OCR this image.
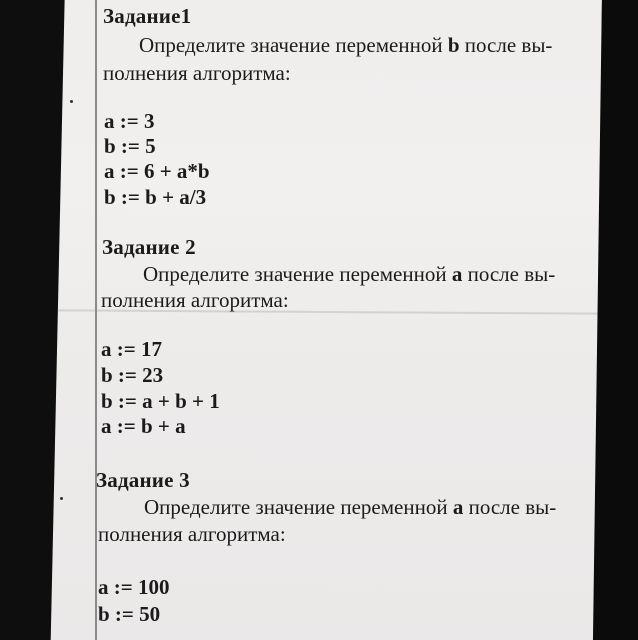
Задание1
Определите значение переменной b после вы-
полнения алгоритма:
a := 3
b := 5
a := 6 + a*b
b := b + a/3
Задание 2
Определите значение переменной a после вы-
полнения алгоритма:
a := 17
b := 23
b := a + b + 1
a := b + a
Задание 3
Определите значение переменной a после вы-
полнения алгоритма:
a := 100
b := 50
